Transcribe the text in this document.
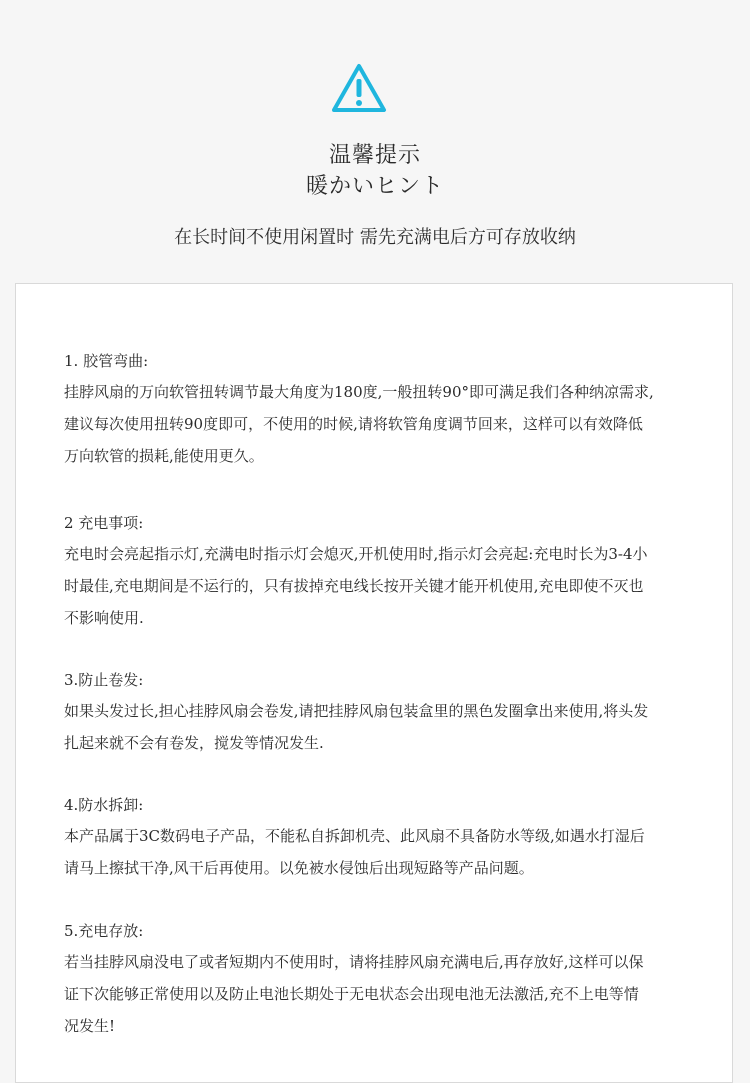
温馨提示
暖かいヒント
在长时间不使用闲置时 需先充满电后方可存放收纳
1. 胶管弯曲:
挂脖风扇的万向软管扭转调节最大角度为180度,一般扭转90°即可满足我们各种纳凉需求,
建议每次使用扭转90度即可，不使用的时候,请将软管角度调节回来，这样可以有效降低
万向软管的损耗,能使用更久。
2 充电事项:
充电时会亮起指示灯,充满电时指示灯会熄灭,开机使用时,指示灯会亮起:充电时长为3-4小
时最佳,充电期间是不运行的，只有拔掉充电线长按开关键才能开机使用,充电即使不灭也
不影响使用.
3.防止卷发:
如果头发过长,担心挂脖风扇会卷发,请把挂脖风扇包装盒里的黑色发圈拿出来使用,将头发
扎起来就不会有卷发，搅发等情况发生.
4.防水拆卸:
本产品属于3C数码电子产品，不能私自拆卸机壳、此风扇不具备防水等级,如遇水打湿后
请马上擦拭干净,风干后再使用。以免被水侵蚀后出现短路等产品问题。
5.充电存放:
若当挂脖风扇没电了或者短期内不使用时，请将挂脖风扇充满电后,再存放好,这样可以保
证下次能够正常使用以及防止电池长期处于无电状态会出现电池无法激活,充不上电等情
况发生!
